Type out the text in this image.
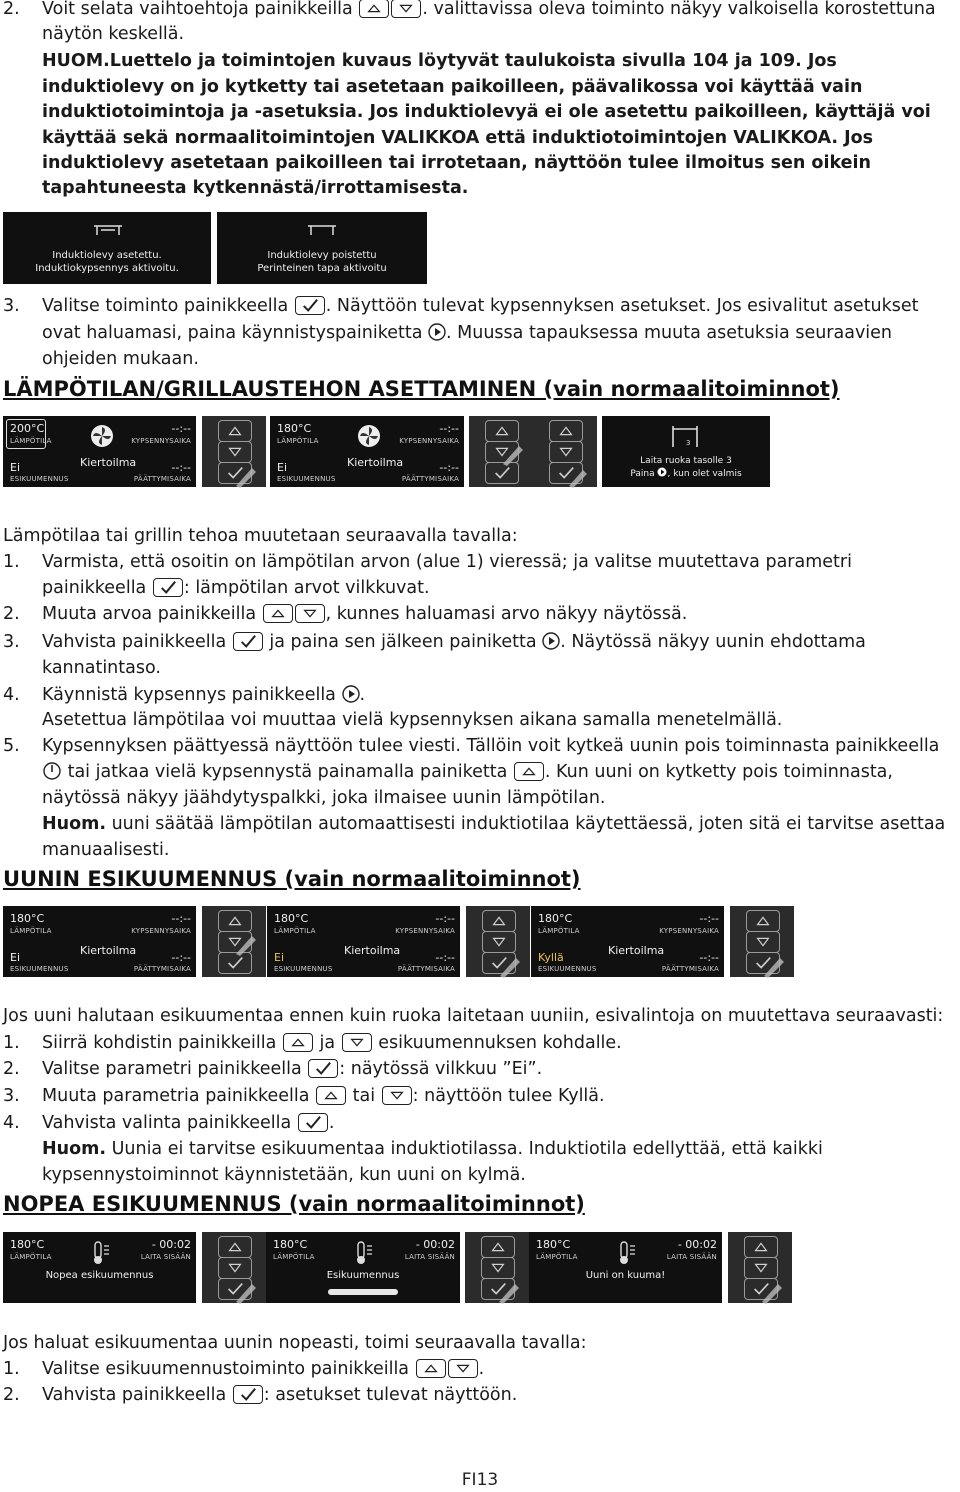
2. Voit selata vaihtoehtoja painikkeilla	. valittavissa oleva toiminto näkyy valkoisella korostettuna
näytön keskellä.
HUOM.Luettelo ja toimintojen kuvaus löytyvät taulukoista sivulla 104 ja 109. Jos
induktiolevy on jo kytketty tai asetetaan paikoilleen, päävalikossa voi käyttää vain
induktiotoimintoja ja -asetuksia. Jos induktiolevyä ei ole asetettu paikoilleen, käyttäjä voi
käyttää sekä normaalitoimintojen VALIKKOA että induktiotoimintojen VALIKKOA. Jos
induktiolevy asetetaan paikoilleen tai irrotetaan, näyttöön tulee ilmoitus sen oikein
tapahtuneesta kytkennästä/irrottamisesta.
Induktiolevy asetettu.
Induktiokypsennys aktivoitu.
Induktiolevy poistettu
Perinteinen tapa aktivoitu
3. Valitse toiminto painikkeella . Näyttöön tulevat kypsennyksen asetukset. Jos esivalitut asetukset
ovat haluamasi, paina käynnistyspainiketta . Muussa tapauksessa muuta asetuksia seuraavien
ohjeiden mukaan.
LÄMPÖTILAN/GRILLAUSTEHON ASETTAMINEN (vain normaalitoiminnot)
200°C
LÄMPÖTILA
--:--
KYPSENNYSAIKA
Kiertoilma
Ei
ESIKUUMENNUS
--:--
PÄÄTTYMISAIKA
180°C
LÄMPÖTILA
--:--
KYPSENNYSAIKA
Kiertoilma
Ei
ESIKUUMENNUS
--:--
PÄÄTTYMISAIKA
3
Laita ruoka tasolle 3
Paina , kun olet valmis
Lämpötilaa tai grillin tehoa muutetaan seuraavalla tavalla:
1. Varmista, että osoitin on lämpötilan arvon (alue 1) vieressä; ja valitse muutettava parametri
painikkeella : lämpötilan arvot vilkkuvat.
2. Muuta arvoa painikkeilla	, kunnes haluamasi arvo näkyy näytössä.
3. Vahvista painikkeella ja paina sen jälkeen painiketta . Näytössä näkyy uunin ehdottama
kannatintaso.
4. Käynnistä kypsennys painikkeella .
Asetettua lämpötilaa voi muuttaa vielä kypsennyksen aikana samalla menetelmällä.
5. Kypsennyksen päättyessä näyttöön tulee viesti. Tällöin voit kytkeä uunin pois toiminnasta painikkeella
tai jatkaa vielä kypsennystä painamalla painiketta . Kun uuni on kytketty pois toiminnasta,
näytössä näkyy jäähdytyspalkki, joka ilmaisee uunin lämpötilan.
Huom. uuni säätää lämpötilan automaattisesti induktiotilaa käytettäessä, joten sitä ei tarvitse asettaa
manuaalisesti.
UUNIN ESIKUUMENNUS (vain normaalitoiminnot)
180°C
LÄMPÖTILA
--:--
KYPSENNYSAIKA
Kiertoilma
Ei
ESIKUUMENNUS
--:--
PÄÄTTYMISAIKA
180°C
LÄMPÖTILA
--:--
KYPSENNYSAIKA
Kiertoilma
Ei
ESIKUUMENNUS
--:--
PÄÄTTYMISAIKA
180°C
LÄMPÖTILA
--:--
KYPSENNYSAIKA
Kiertoilma
Kyllä
ESIKUUMENNUS
--:--
PÄÄTTYMISAIKA
Jos uuni halutaan esikuumentaa ennen kuin ruoka laitetaan uuniin, esivalintoja on muutettava seuraavasti:
1. Siirrä kohdistin painikkeilla ja esikuumennuksen kohdalle.
2. Valitse parametri painikkeella : näytössä vilkkuu ”Ei”.
3. Muuta parametria painikkeella tai : näyttöön tulee Kyllä.
4. Vahvista valinta painikkeella .
Huom. Uunia ei tarvitse esikuumentaa induktiotilassa. Induktiotila edellyttää, että kaikki
kypsennystoiminnot käynnistetään, kun uuni on kylmä.
NOPEA ESIKUUMENNUS (vain normaalitoiminnot)
180°C
LÄMPÖTILA
- 00:02
LAITA SISÄÄN
Nopea esikuumennus
180°C
LÄMPÖTILA
- 00:02
LAITA SISÄÄN
Esikuumennus
180°C
LÄMPÖTILA
- 00:02
LAITA SISÄÄN
Uuni on kuuma!
Jos haluat esikuumentaa uunin nopeasti, toimi seuraavalla tavalla:
1. Valitse esikuumennustoiminto painikkeilla	.
2. Vahvista painikkeella : asetukset tulevat näyttöön.
FI13
